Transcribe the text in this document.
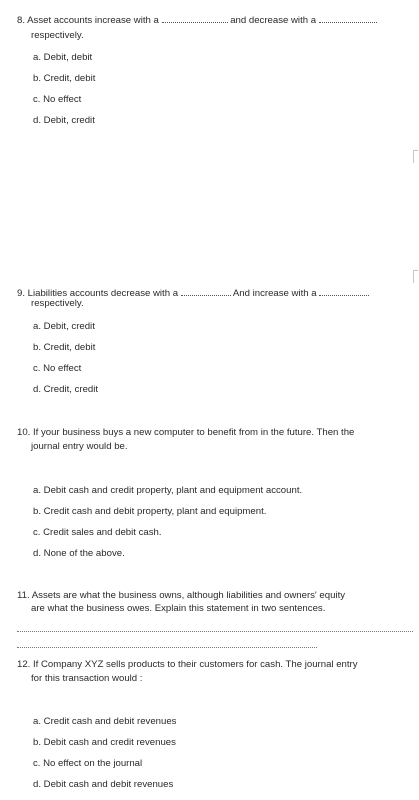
8. Asset accounts increase with a	and decrease with a
respectively.
a. Debit, debit
b. Credit, debit
c. No effect
d. Debit, credit
9. Liabilities accounts decrease with a	And increase with a
respectively.
a. Debit, credit
b. Credit, debit
c. No effect
d. Credit, credit
10. If your business buys a new computer to benefit from in the future. Then the
journal entry would be.
a. Debit cash and credit property, plant and equipment account.
b. Credit cash and debit property, plant and equipment.
c. Credit sales and debit cash.
d. None of the above.
11. Assets are what the business owns, although liabilities and owners' equity
are what the business owes. Explain this statement in two sentences.
12. If Company XYZ sells products to their customers for cash. The journal entry
for this transaction would :
a. Credit cash and debit revenues
b. Debit cash and credit revenues
c. No effect on the journal
d. Debit cash and debit revenues
